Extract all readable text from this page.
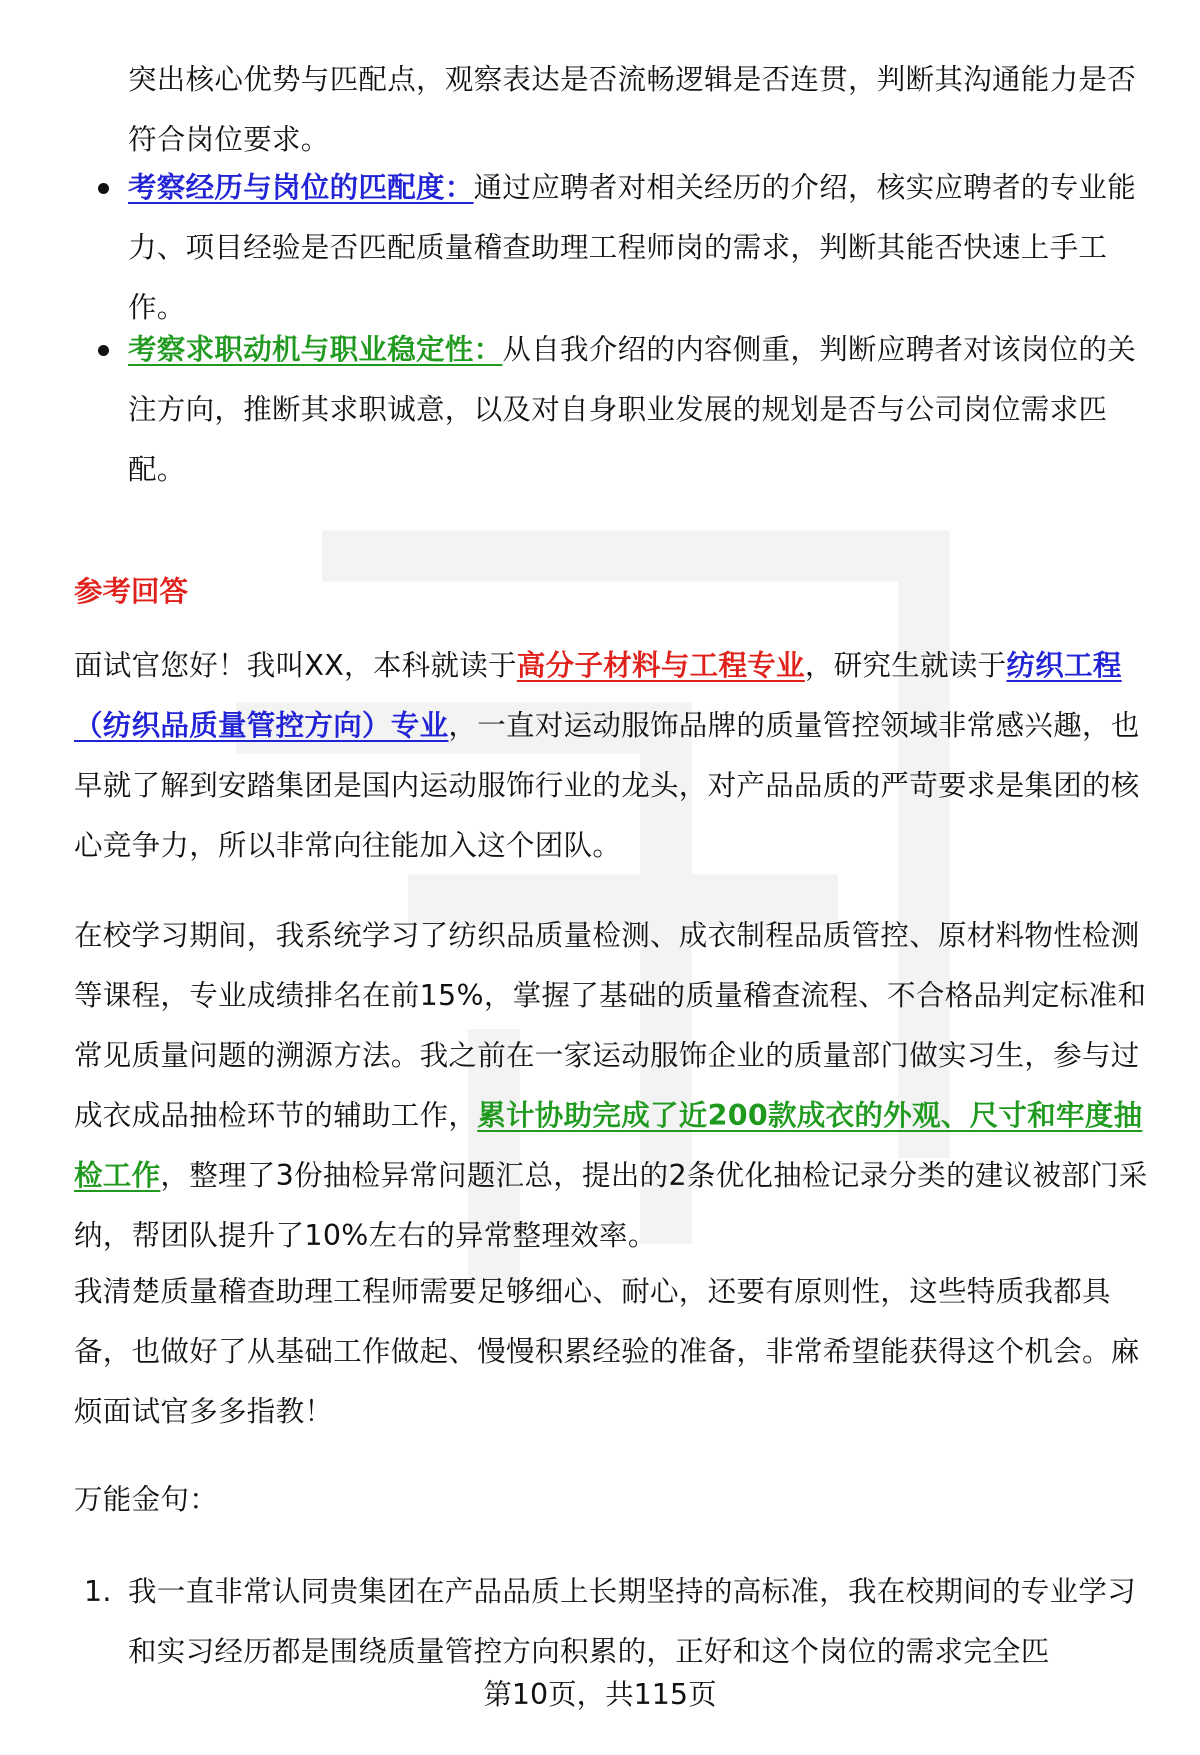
突出核心优势与匹配点，观察表达是否流畅逻辑是否连贯，判断其沟通能力是否符合岗位要求。

考察经历与岗位的匹配度：通过应聘者对相关经历的介绍，核实应聘者的专业能力、项目经验是否匹配质量稽查助理工程师岗的需求，判断其能否快速上手工作。
考察求职动机与职业稳定性：从自我介绍的内容侧重，判断应聘者对该岗位的关注方向，推断其求职诚意，以及对自身职业发展的规划是否与公司岗位需求匹配。
参考回答

面试官您好！我叫XX，本科就读于高分子材料与工程专业，研究生就读于纺织工程（纺织品质量管控方向）专业，一直对运动服饰品牌的质量管控领域非常感兴趣，也早就了解到安踏集团是国内运动服饰行业的龙头，对产品品质的严苛要求是集团的核心竞争力，所以非常向往能加入这个团队。

在校学习期间，我系统学习了纺织品质量检测、成衣制程品质管控、原材料物性检测等课程，专业成绩排名在前15%，掌握了基础的质量稽查流程、不合格品判定标准和常见质量问题的溯源方法。我之前在一家运动服饰企业的质量部门做实习生，参与过成衣成品抽检环节的辅助工作，累计协助完成了近200款成衣的外观、尺寸和牢度抽检工作，整理了3份抽检异常问题汇总，提出的2条优化抽检记录分类的建议被部门采纳，帮团队提升了10%左右的异常整理效率。

我清楚质量稽查助理工程师需要足够细心、耐心，还要有原则性，这些特质我都具备，也做好了从基础工作做起、慢慢积累经验的准备，非常希望能获得这个机会。麻烦面试官多多指教！

万能金句：

1. 我一直非常认同贵集团在产品品质上长期坚持的高标准，我在校期间的专业学习和实习经历都是围绕质量管控方向积累的，正好和这个岗位的需求完全匹
第10页，共115页
